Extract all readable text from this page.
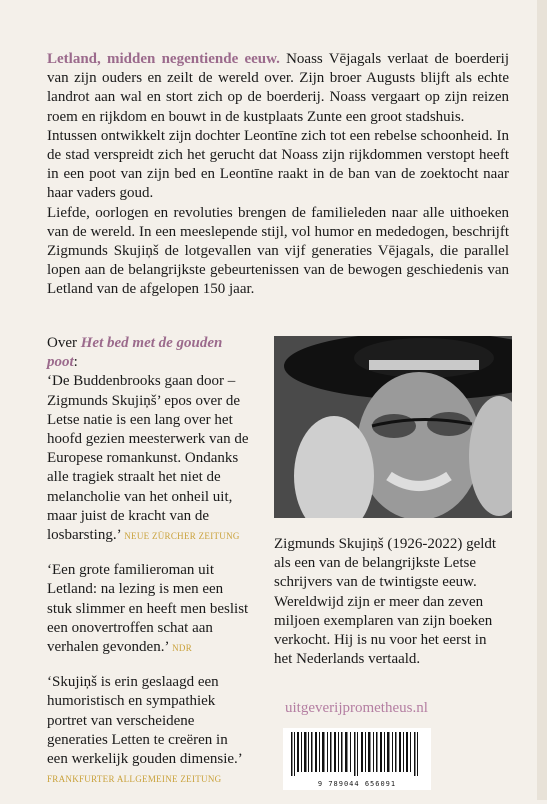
Letland, midden negentiende eeuw. Noass Vējagals verlaat de boerderij van zijn ouders en zeilt de wereld over. Zijn broer Augusts blijft als echte landrot aan wal en stort zich op de boerderij. Noass vergaart op zijn reizen roem en rijkdom en bouwt in de kustplaats Zunte een groot stadshuis.

Intussen ontwikkelt zijn dochter Leontīne zich tot een rebelse schoonheid. In de stad verspreidt zich het gerucht dat Noass zijn rijkdommen verstopt heeft in een poot van zijn bed en Leontīne raakt in de ban van de zoektocht naar haar vaders goud.

Liefde, oorlogen en revoluties brengen de familieleden naar alle uithoeken van de wereld. In een meeslepende stijl, vol humor en mededogen, beschrijft Zigmunds Skujiņš de lotgevallen van vijf generaties Vējagals, die parallel lopen aan de belangrijkste gebeurtenissen van de bewogen geschiedenis van Letland van de afgelopen 150 jaar.

Over Het bed met de gouden poot:
‘De Buddenbrooks gaan door – Zigmunds Skujiņš’ epos over de Letse natie is een lang over het hoofd gezien meesterwerk van de Europese romankunst. Ondanks alle tragiek straalt het niet de melancholie van het onheil uit, maar juist de kracht van de losbarsting.’ NEUE ZÜRCHER ZEITUNG

‘Een grote familieroman uit Letland: na lezing is men een stuk slimmer en heeft men beslist een onovertroffen schat aan verhalen gevonden.’ NDR

‘Skujiņš is erin geslaagd een humoristisch en sympathiek portret van verscheidene generaties Letten te creëren in een werkelijk gouden dimensie.’
FRANKFURTER ALLGEMEINE ZEITUNG

Zigmunds Skujiņš (1926-2022) geldt als een van de belangrijkste Letse schrijvers van de twintigste eeuw. Wereldwijd zijn er meer dan zeven miljoen exemplaren van zijn boeken verkocht. Hij is nu voor het eerst in het Nederlands vertaald.
uitgeverijprometheus.nl
9 789044 656091
